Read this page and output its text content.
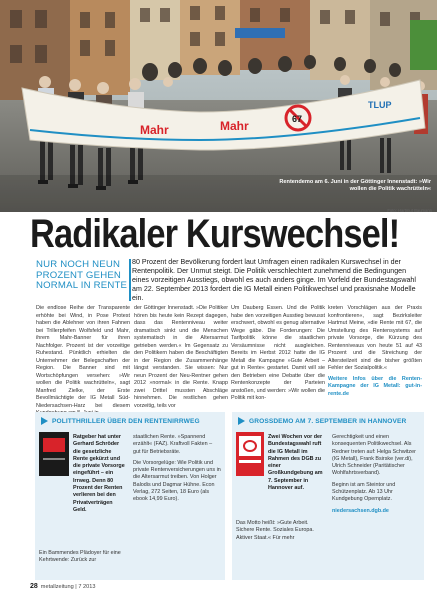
Mahr	Mahr	67
TLUP
Rentendemo am 6. Juni in der Göttinger Innenstadt: »Wir wollen die Politik wachrütteln«
Foto: Hartmut Baumann
Radikaler Kurswechsel!
NUR NOCH NEUN PROZENT GEHEN NORMAL IN RENTE
80 Prozent der Bevölkerung fordert laut Umfragen einen radikalen Kurswechsel in der Rentenpolitik. Der Unmut steigt. Die Politik verschlechtert zunehmend die Bedingungen eines vorzeitigen Ausstiegs, obwohl es auch anders ginge. Im Vorfeld der Bundestagswahl am 22. September 2013 fordert die IG Metall einen Politikwechsel und praxisnahe Modelle ein.

Die endlose Reihe der Transparente erhöhte bei Wind, in Pose Protest haben die Ablehner von ihren Fahnen bei Trillerpfeifen Wolfsfeld und Mahr, ihrem Mahr-Banner für ihren Nachfolger. Prozent ist der vorzeitige Ruhestand. Pünktlich erhielten die Unternehmer der Belegschaften der Region. Die Banner sind mit Wortschöpfungen versehen: »Wir wollen die Politik wachrütteln«, sagt Manfred Zielke, der Erste Bevollmächtigte der IG Metall Süd-Niedersachsen-Harz bei diesem

der Göttinger Innenstadt. »Die Politiker hören bis heute kein Rezept dagegen, dass das Rentenniveau weiter dramatisch sinkt und die Menschen systematisch in die Altersarmut getrieben werden.« Im Gegensatz zu den Politikern haben die Beschäftigten in der Region die Zusammenhänge längst verstanden. Sie wissen: Nur neun Prozent der Neu-Rentner gehen 2012 »normal« in die Rente. Knapp zwei Drittel mussten Abschläge hinnehmen. Die restlichen gehen vorzeitig, teils vor

Um Dauberg Essen. Und die Politik habe den vorzeitigen Ausstieg bewusst erschwert, obwohl es genug alternative Wege gäbe. Die Forderungen: Die Tarifpolitik könne die staatlichen Versäumnisse nicht ausgleichen. Bereits im Herbst 2012 hatte die IG Metall die Kampagne »Gute Arbeit – gut in Rente« gestartet. Damit will sie den Betrieben eine Debatte über die Rentenkonzepte der Parteien anstoßen, und werden: »Wir wollen die Politik mit kon-

kreten Vorschlägen aus der Praxis konfrontieren«, sagt Bezirksleiter Hartmut Meine, »die Rente mit 67, die Umstellung des Rentensystems auf private Vorsorge, die Kürzung des Rentenniveaus von heute 51 auf 43 Prozent und die Streichung der Altersteilzeit sind die bisher größten Fehler der Sozialpolitik.«

Weitere Infos über die Renten-Kampagne der IG Metall: gut-in-rente.de

POLITTHRILLER ÜBER DEN RENTENIRRWEG

Ratgeber hat unter Gerhard Schröder die gesetzliche Rente gekürzt und die private Vorsorge eingeführt – ein Irrweg. Denn 80 Prozent der Renten verlieren bei den Privatverträgen Geld.

Ein Bammendes Plädoyer für eine Kehrtwende: Zurück zur

staatlichen Rente. »Spannend erzählt« (FAZ). Kraftvoll Fakten – gut für Betriebsräte.

Die Vorsorgelüge: Wie Politik und private Rentenversicherungen uns in die Altersarmut treiben. Von Holger Balodis und Dagmar Hühne. Econ Verlag, 272 Seiten, 18 Euro (als ebook 14,99 Euro).

GROSSDEMO AM 7. SEPTEMBER IN HANNOVER

Zwei Wochen vor der Bundestagswahl ruft die IG Metall im Rahmen des DGB zu einer Großkundgebung am 7. September in Hannover auf.

Das Motto heißt: »Gute Arbeit. Sichere Rente. Soziales Europa. Aktiver Staat.« Für mehr

Gerechtigkeit und einen konsequenten Politikwechsel. Als Redner treten auf: Helga Schwitzer (IG Metall), Frank Bsirske (ver.di), Ulrich Schneider (Paritätischer Wohlfahrtsverband).

Beginn ist am Steintor und Schützenplatz. Ab 13 Uhr Kundgebung Opernplatz.

niedersachsen.dgb.de

28 metallzeitung | 7 2013
